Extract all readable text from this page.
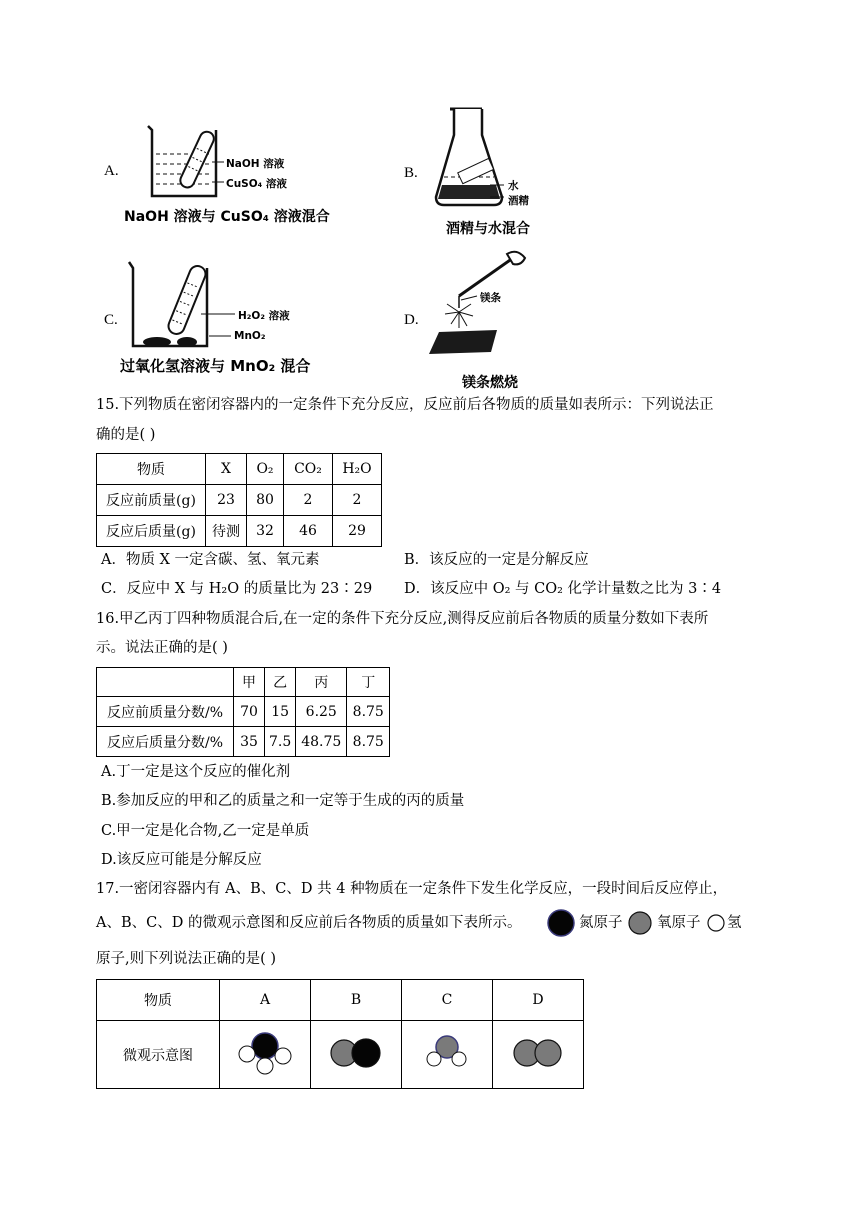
A.	NaOH 溶液
CuSO₄ 溶液
NaOH 溶液与 CuSO₄ 溶液混合
B.
水
酒精
酒精与水混合
C.	H₂O₂ 溶液
MnO₂
过氧化氢溶液与 MnO₂ 混合
D.
镁条
镁条燃烧
15.下列物质在密闭容器内的一定条件下充分反应，反应前后各物质的质量如表所示：下列说法正
确的是( )
物质	X	O₂	CO₂	H₂O
反应前质量(g)	23	80	2	2
反应后质量(g)	待测	32	46	29
A．物质 X 一定含碳、氢、氧元素	B．该反应的一定是分解反应
C．反应中 X 与 H₂O 的质量比为 23∶29 D．该反应中 O₂ 与 CO₂ 化学计量数之比为 3∶4
16.甲乙丙丁四种物质混合后,在一定的条件下充分反应,测得反应前后各物质的质量分数如下表所
示。说法正确的是( )
	甲	乙	丙	丁
反应前质量分数/%	70	15	6.25	8.75
反应后质量分数/%	35	7.5	48.75	8.75
A.丁一定是这个反应的催化剂
B.参加反应的甲和乙的质量之和一定等于生成的丙的质量
C.甲一定是化合物,乙一定是单质
D.该反应可能是分解反应
17.一密闭容器内有 A、B、C、D 共 4 种物质在一定条件下发生化学反应，一段时间后反应停止，
A、B、C、D 的微观示意图和反应前后各物质的质量如下表所示。	氮原子 氧原子 氢
原子,则下列说法正确的是( )
物质	A	B	C	D
微观示意图				
